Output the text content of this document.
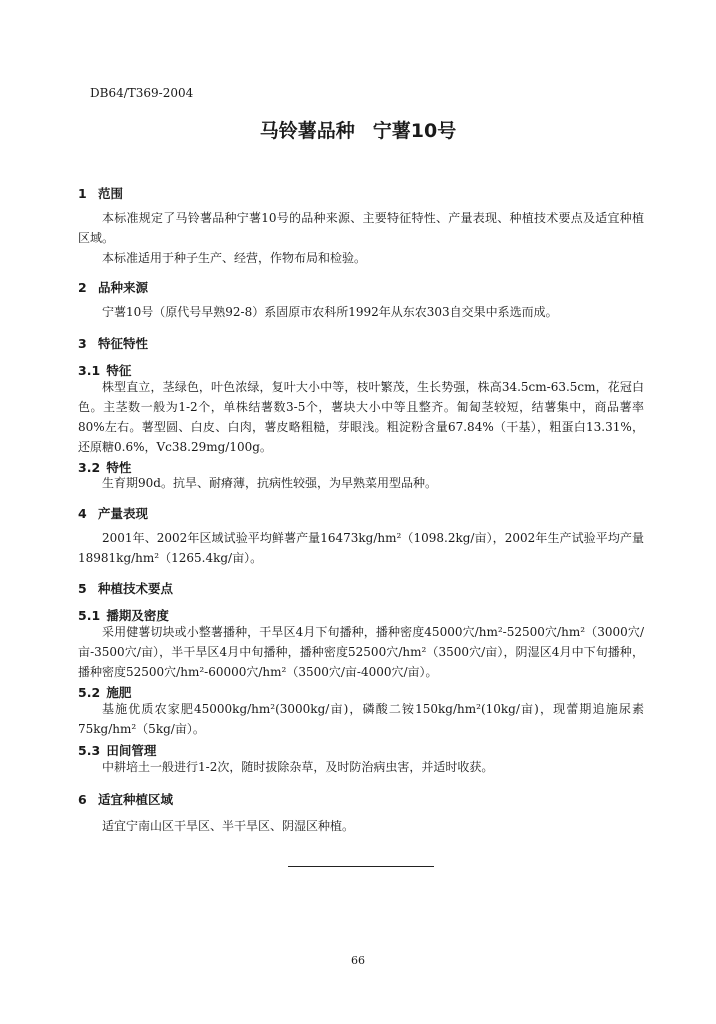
DB64/T369-2004
马铃薯品种 宁薯10号
1 范围
本标准规定了马铃薯品种宁薯10号的品种来源、主要特征特性、产量表现、种植技术要点及适宜种植区域。
本标准适用于种子生产、经营，作物布局和检验。
2 品种来源
宁薯10号（原代号早熟92-8）系固原市农科所1992年从东农303自交果中系选而成。
3 特征特性
3.1 特征
株型直立，茎绿色，叶色浓绿，复叶大小中等，枝叶繁茂，生长势强，株高34.5cm-63.5cm，花冠白色。主茎数一般为1-2个，单株结薯数3-5个，薯块大小中等且整齐。匍匐茎较短，结薯集中，商品薯率80%左右。薯型圆、白皮、白肉，薯皮略粗糙，芽眼浅。粗淀粉含量67.84%（干基），粗蛋白13.31%，还原糖0.6%，Vc38.29mg/100g。
3.2 特性
生育期90d。抗旱、耐瘠薄，抗病性较强，为早熟菜用型品种。
4 产量表现
2001年、2002年区域试验平均鲜薯产量16473kg/hm²（1098.2kg/亩），2002年生产试验平均产量18981kg/hm²（1265.4kg/亩）。
5 种植技术要点
5.1 播期及密度
采用健薯切块或小整薯播种，干旱区4月下旬播种，播种密度45000穴/hm²-52500穴/hm²（3000穴/亩-3500穴/亩），半干旱区4月中旬播种，播种密度52500穴/hm²（3500穴/亩），阴湿区4月中下旬播种，播种密度52500穴/hm²-60000穴/hm²（3500穴/亩-4000穴/亩）。
5.2 施肥
基施优质农家肥45000kg/hm²(3000kg/亩)，磷酸二铵150kg/hm²(10kg/亩)，现蕾期追施尿素75kg/hm²（5kg/亩）。
5.3 田间管理
中耕培土一般进行1-2次，随时拔除杂草，及时防治病虫害，并适时收获。
6 适宜种植区域
适宜宁南山区干旱区、半干旱区、阴湿区种植。
66
